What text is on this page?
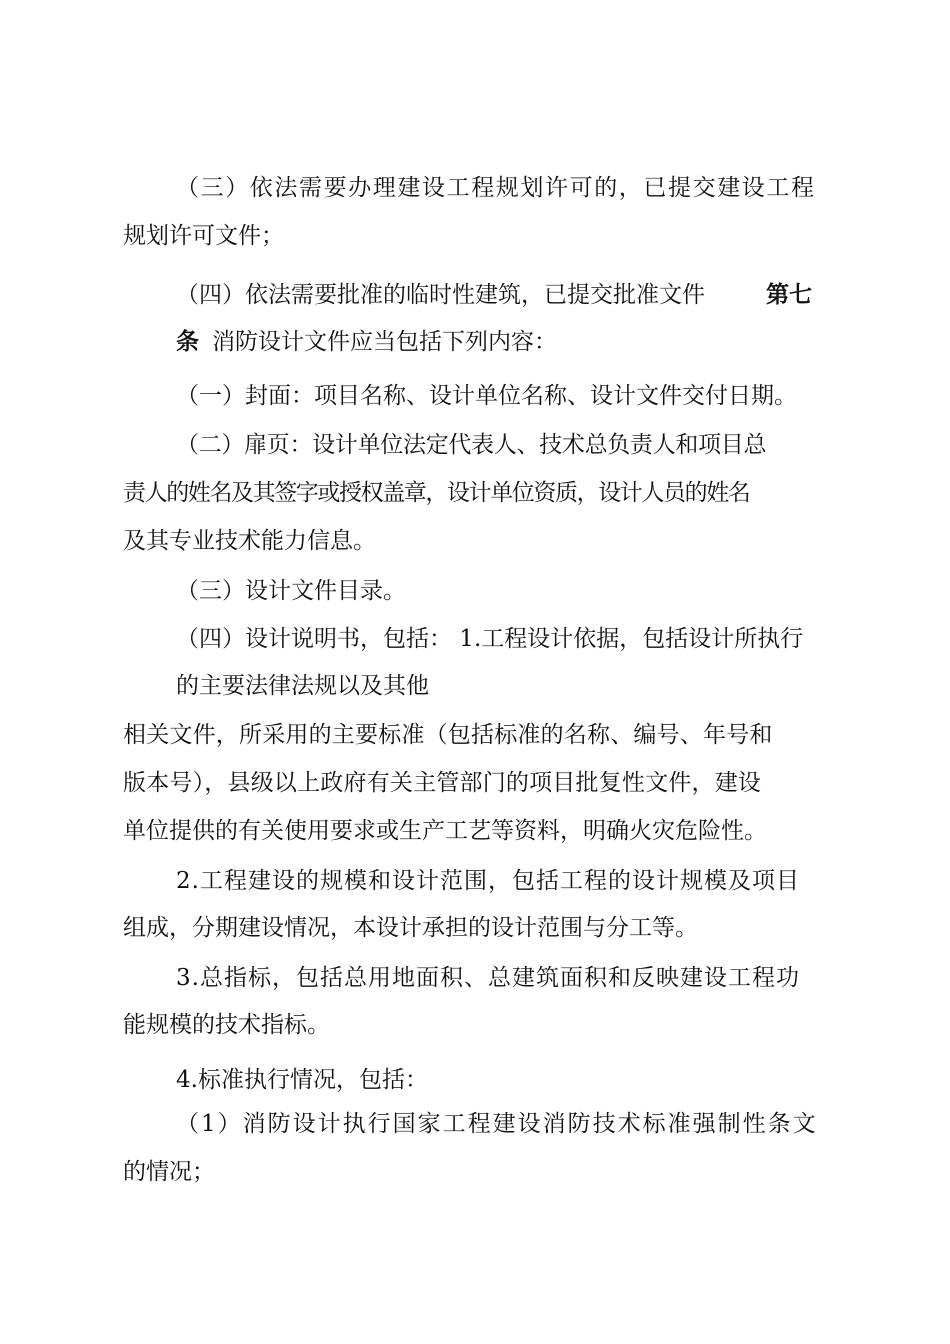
（三）依法需要办理建设工程规划许可的，已提交建设工程

规划许可文件；

（四）依法需要批准的临时性建筑，已提交批准文件	第七

条 消防设计文件应当包括下列内容：

（一）封面：项目名称、设计单位名称、设计文件交付日期。

（二）扉页：设计单位法定代表人、技术总负责人和项目总

责人的姓名及其签字或授权盖章，设计单位资质，设计人员的姓名

及其专业技术能力信息。

（三）设计文件目录。

（四）设计说明书，包括： 1.工程设计依据，包括设计所执行

的主要法律法规以及其他

相关文件，所采用的主要标准（包括标准的名称、编号、年号和

版本号），县级以上政府有关主管部门的项目批复性文件，建设

单位提供的有关使用要求或生产工艺等资料，明确火灾危险性。

2.工程建设的规模和设计范围，包括工程的设计规模及项目

组成，分期建设情况，本设计承担的设计范围与分工等。

3.总指标，包括总用地面积、总建筑面积和反映建设工程功

能规模的技术指标。

4.标准执行情况，包括：

（1）消防设计执行国家工程建设消防技术标准强制性条文

的情况；
